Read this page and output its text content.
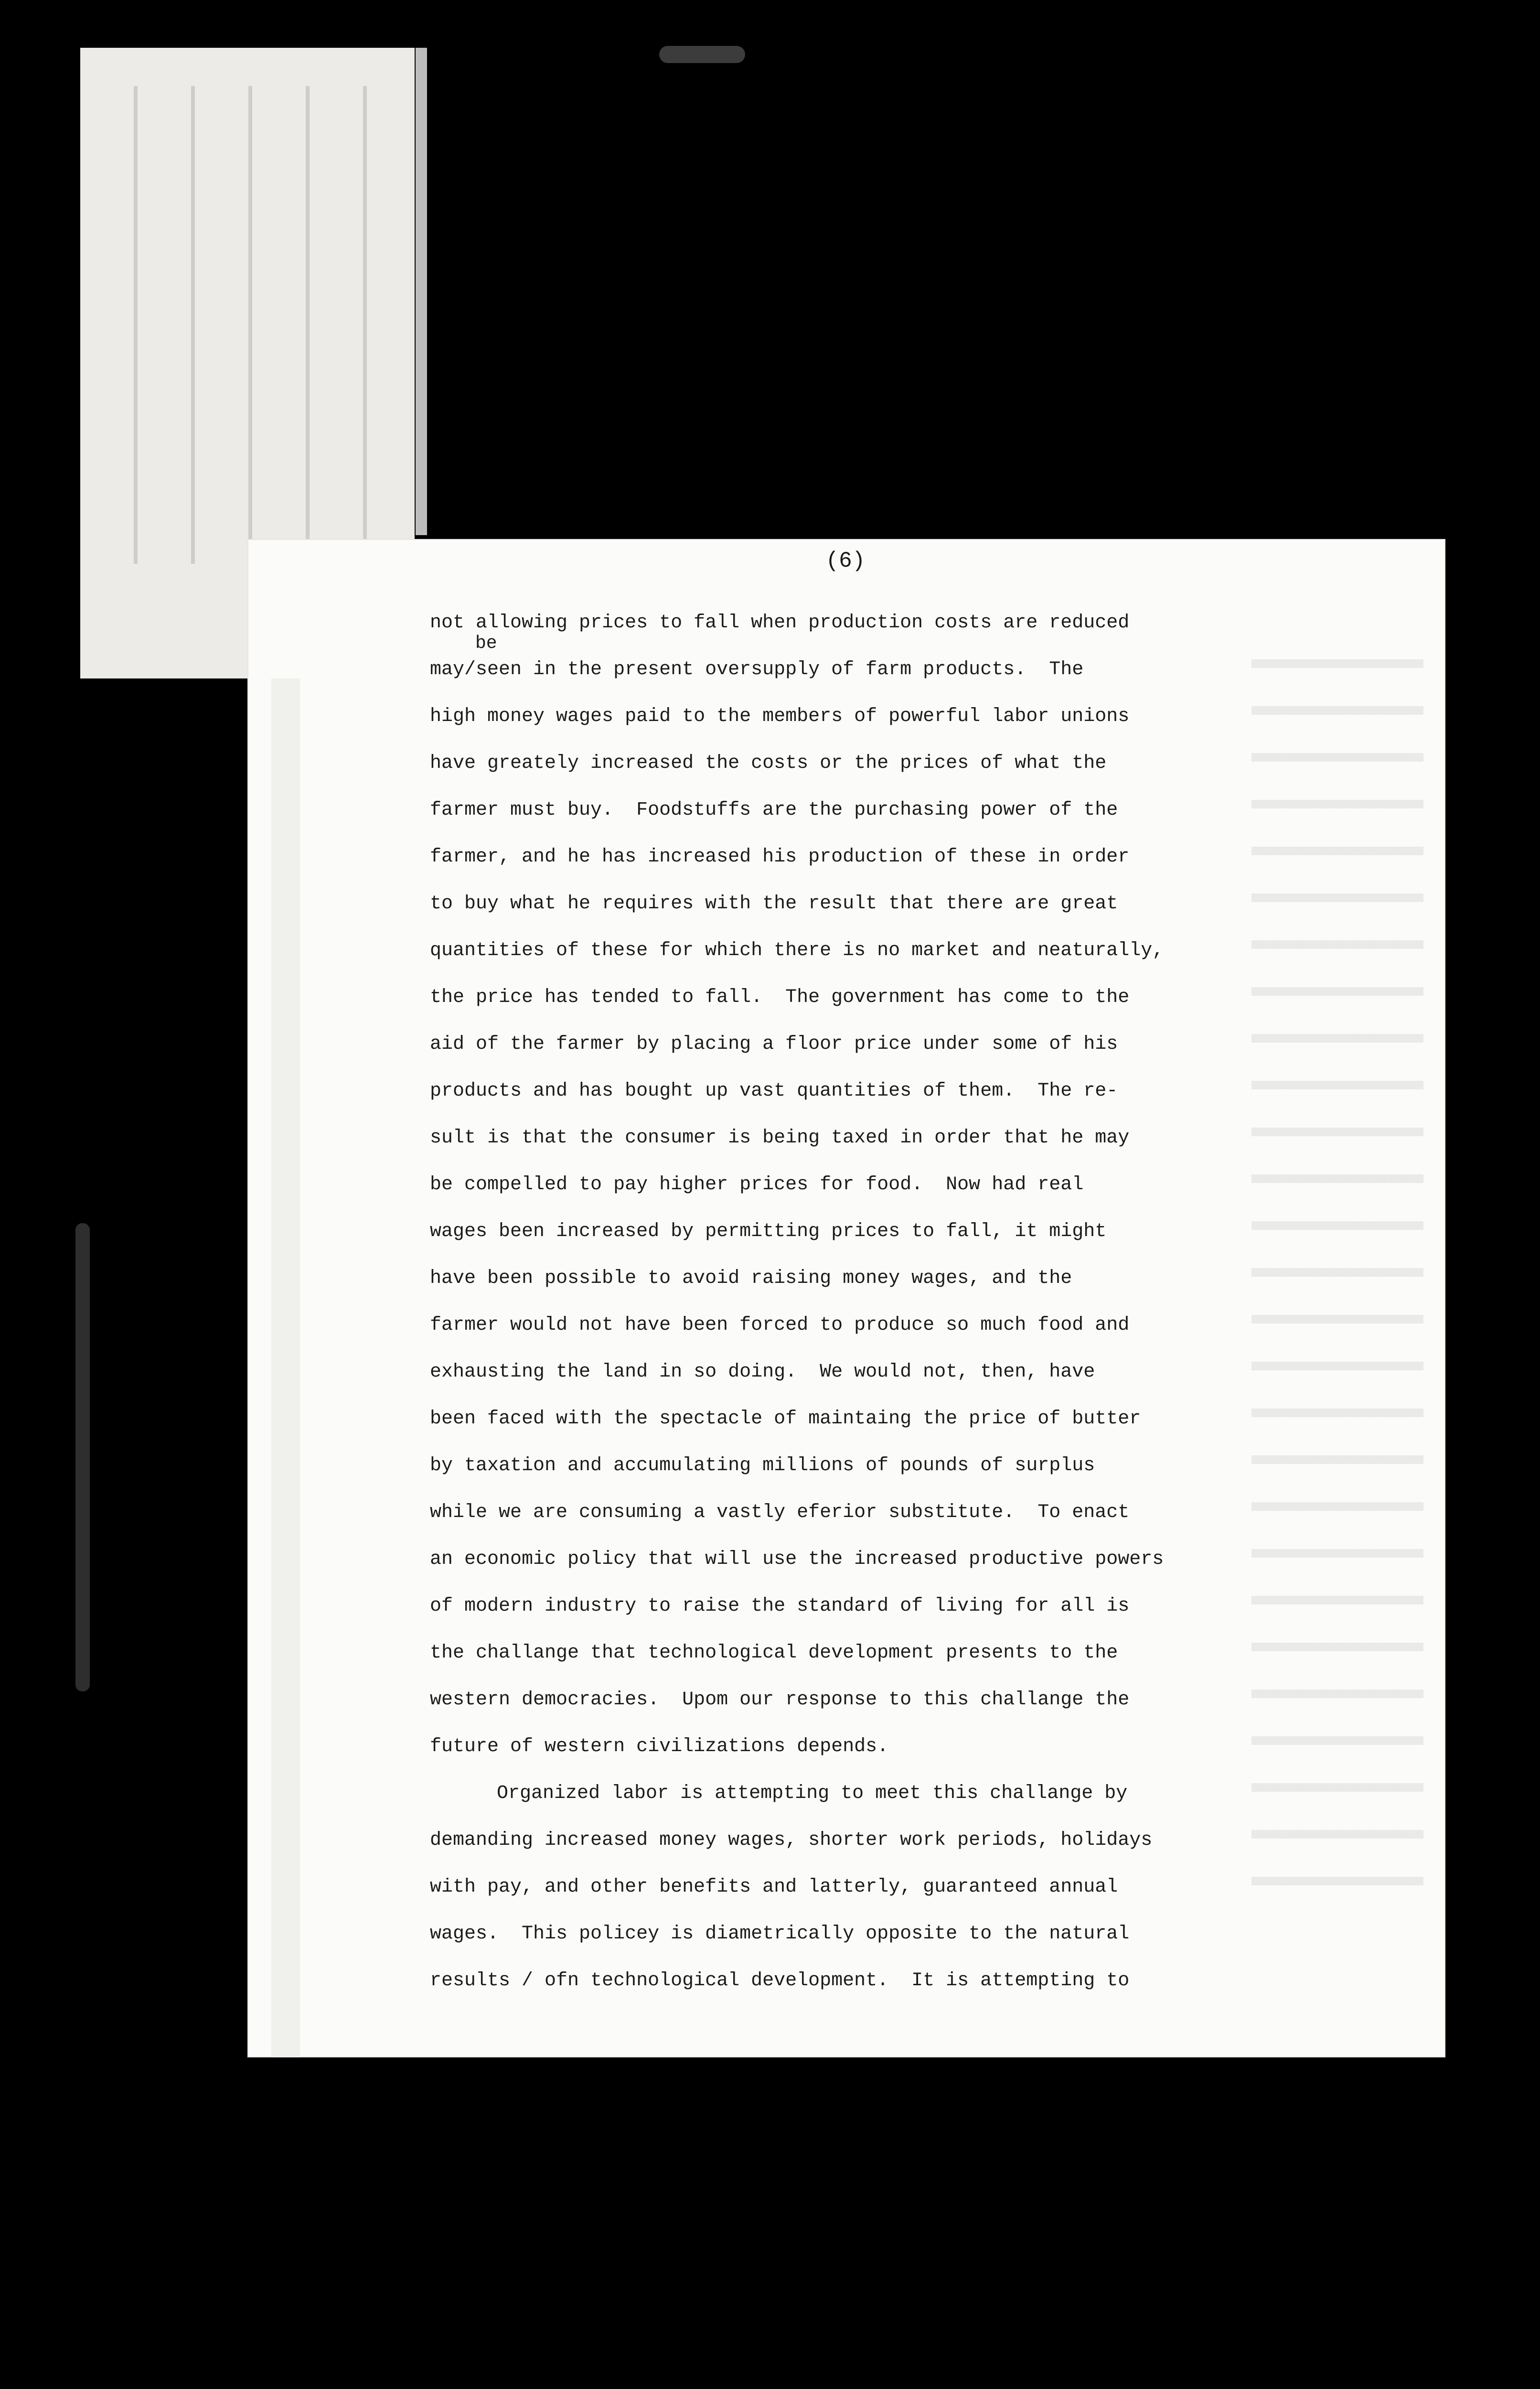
(6)
be
not allowing prices to fall when production costs are reduced
may/seen in the present oversupply of farm products.  The
high money wages paid to the members of powerful labor unions
have greately increased the costs or the prices of what the
farmer must buy.  Foodstuffs are the purchasing power of the
farmer, and he has increased his production of these in order
to buy what he requires with the result that there are great
quantities of these for which there is no market and neaturally,
the price has tended to fall.  The government has come to the
aid of the farmer by placing a floor price under some of his
products and has bought up vast quantities of them.  The re-
sult is that the consumer is being taxed in order that he may
be compelled to pay higher prices for food.  Now had real
wages been increased by permitting prices to fall, it might
have been possible to avoid raising money wages, and the
farmer would not have been forced to produce so much food and
exhausting the land in so doing.  We would not, then, have
been faced with the spectacle of maintaing the price of butter
by taxation and accumulating millions of pounds of surplus
while we are consuming a vastly eferior substitute.  To enact
an economic policy that will use the increased productive powers
of modern industry to raise the standard of living for all is
the challange that technological development presents to the
western democracies.  Upom our response to this challange the
future of western civilizations depends.
Organized labor is attempting to meet this challange by
demanding increased money wages, shorter work periods, holidays
with pay, and other benefits and latterly, guaranteed annual
wages.  This policey is diametrically opposite to the natural
results / ofn technological development.  It is attempting to
